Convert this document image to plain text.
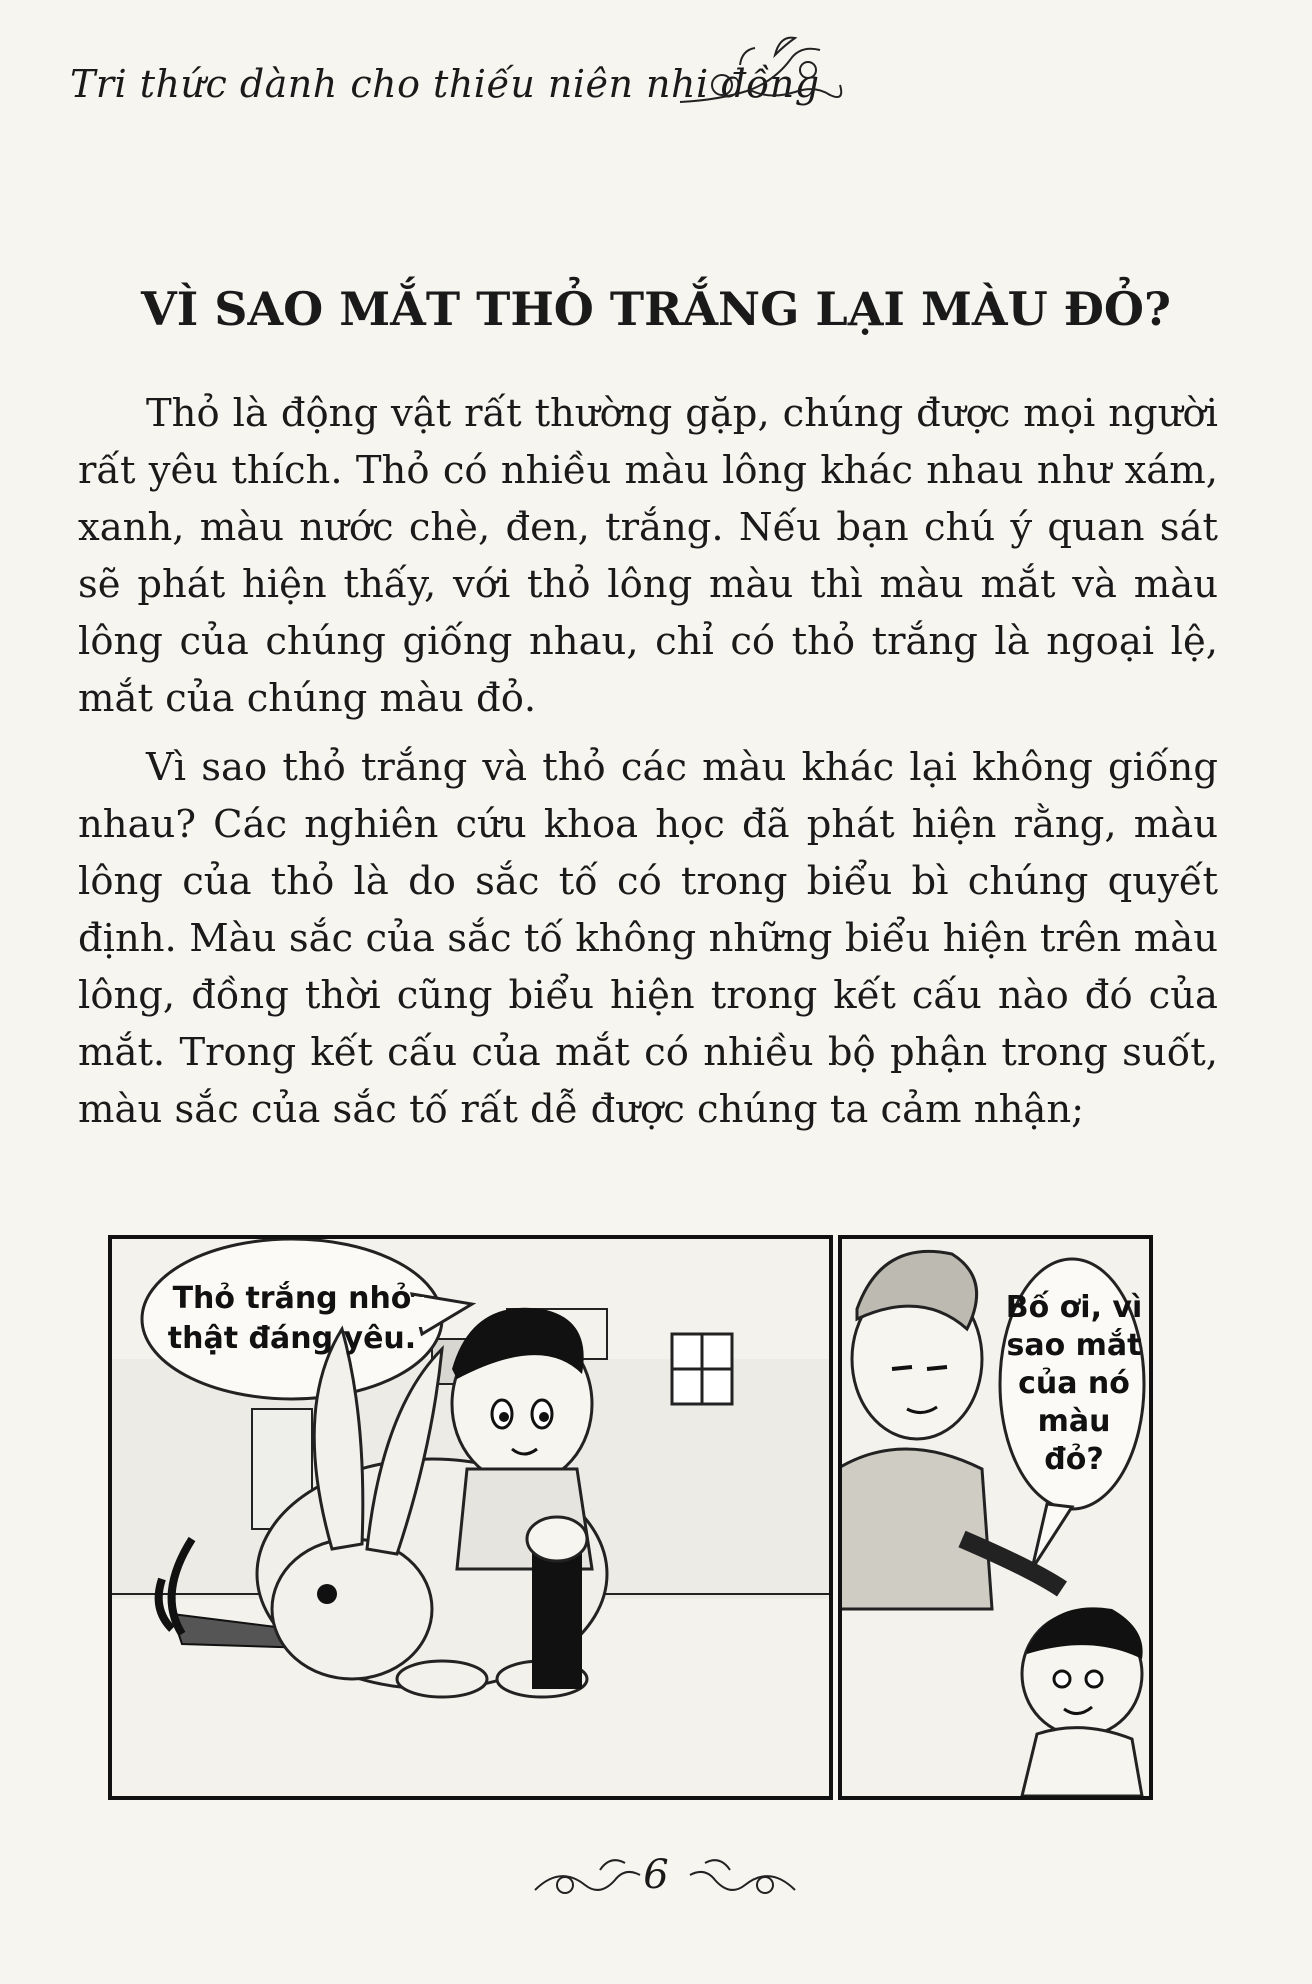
Tri thức dành cho thiếu niên nhi đồng
VÌ SAO MẮT THỎ TRẮNG LẠI MÀU ĐỎ?

Thỏ là động vật rất thường gặp, chúng được mọi người rất yêu thích. Thỏ có nhiều màu lông khác nhau như xám, xanh, màu nước chè, đen, trắng. Nếu bạn chú ý quan sát sẽ phát hiện thấy, với thỏ lông màu thì màu mắt và màu lông của chúng giống nhau, chỉ có thỏ trắng là ngoại lệ, mắt của chúng màu đỏ.

Vì sao thỏ trắng và thỏ các màu khác lại không giống nhau? Các nghiên cứu khoa học đã phát hiện rằng, màu lông của thỏ là do sắc tố có trong biểu bì chúng quyết định. Màu sắc của sắc tố không những biểu hiện trên màu lông, đồng thời cũng biểu hiện trong kết cấu nào đó của mắt. Trong kết cấu của mắt có nhiều bộ phận trong suốt, màu sắc của sắc tố rất dễ được chúng ta cảm nhận;

Thỏ trắng nhỏ
thật đáng yêu.
Bố ơi, vì
sao mắt
của nó
màu đỏ?
6
